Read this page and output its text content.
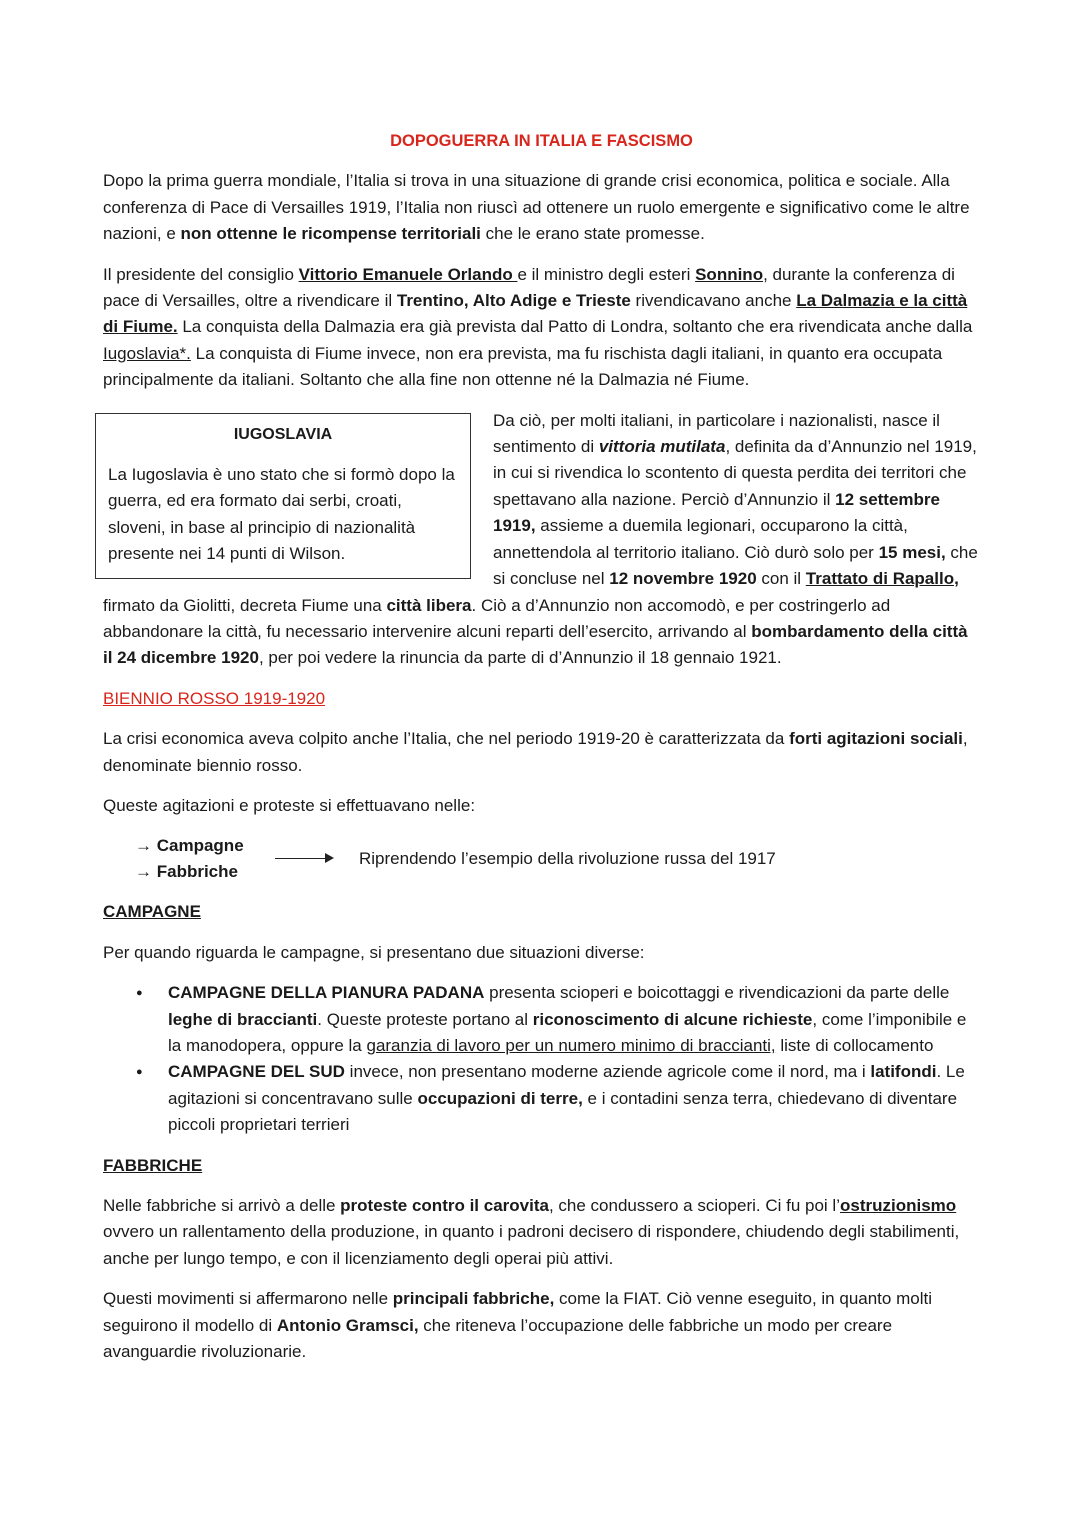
DOPOGUERRA IN ITALIA E FASCISMO

Dopo la prima guerra mondiale, l’Italia si trova in una situazione di grande crisi economica, politica e sociale. Alla conferenza di Pace di Versailles 1919, l’Italia non riuscì ad ottenere un ruolo emergente e significativo come le altre nazioni, e non ottenne le ricompense territoriali che le erano state promesse.

Il presidente del consiglio Vittorio Emanuele Orlando e il ministro degli esteri Sonnino, durante la conferenza di pace di Versailles, oltre a rivendicare il Trentino, Alto Adige e Trieste rivendicavano anche La Dalmazia e la città di Fiume. La conquista della Dalmazia era già prevista dal Patto di Londra, soltanto che era rivendicata anche dalla Iugoslavia*. La conquista di Fiume invece, non era prevista, ma fu rischista dagli italiani, in quanto era occupata principalmente da italiani. Soltanto che alla fine non ottenne né la Dalmazia né Fiume.

IUGOSLAVIA

La Iugoslavia è uno stato che si formò dopo la guerra, ed era formato dai serbi, croati, sloveni, in base al principio di nazionalità presente nei 14 punti di Wilson.

Da ciò, per molti italiani, in particolare i nazionalisti, nasce il sentimento di vittoria mutilata, definita da d’Annunzio nel 1919, in cui si rivendica lo scontento di questa perdita dei territori che spettavano alla nazione. Perciò d’Annunzio il 12 settembre 1919, assieme a duemila legionari, occuparono la città, annettendola al territorio italiano. Ciò durò solo per 15 mesi, che si concluse nel 12 novembre 1920 con il Trattato di Rapallo, firmato da Giolitti, decreta Fiume una città libera. Ciò a d’Annunzio non accomodò, e per costringerlo ad abbandonare la città, fu necessario intervenire alcuni reparti dell’esercito, arrivando al bombardamento della città il 24 dicembre 1920, per poi vedere la rinuncia da parte di d’Annunzio il 18 gennaio 1921.

BIENNIO ROSSO 1919-1920

La crisi economica aveva colpito anche l’Italia, che nel periodo 1919-20 è caratterizzata da forti agitazioni sociali, denominate biennio rosso.

Queste agitazioni e proteste si effettuavano nelle:

→ Campagne
→ Fabbriche
Riprendendo l’esempio della rivoluzione russa del 1917
CAMPAGNE

Per quando riguarda le campagne, si presentano due situazioni diverse:

● CAMPAGNE DELLA PIANURA PADANA presenta scioperi e boicottaggi e rivendicazioni da parte delle leghe di braccianti. Queste proteste portano al riconoscimento di alcune richieste, come l’imponibile e la manodopera, oppure la garanzia di lavoro per un numero minimo di braccianti, liste di collocamento
● CAMPAGNE DEL SUD invece, non presentano moderne aziende agricole come il nord, ma i latifondi. Le agitazioni si concentravano sulle occupazioni di terre, e i contadini senza terra, chiedevano di diventare piccoli proprietari terrieri
FABBRICHE

Nelle fabbriche si arrivò a delle proteste contro il carovita, che condussero a scioperi. Ci fu poi l’ostruzionismo ovvero un rallentamento della produzione, in quanto i padroni decisero di rispondere, chiudendo degli stabilimenti, anche per lungo tempo, e con il licenziamento degli operai più attivi.

Questi movimenti si affermarono nelle principali fabbriche, come la FIAT. Ciò venne eseguito, in quanto molti seguirono il modello di Antonio Gramsci, che riteneva l’occupazione delle fabbriche un modo per creare avanguardie rivoluzionarie.
